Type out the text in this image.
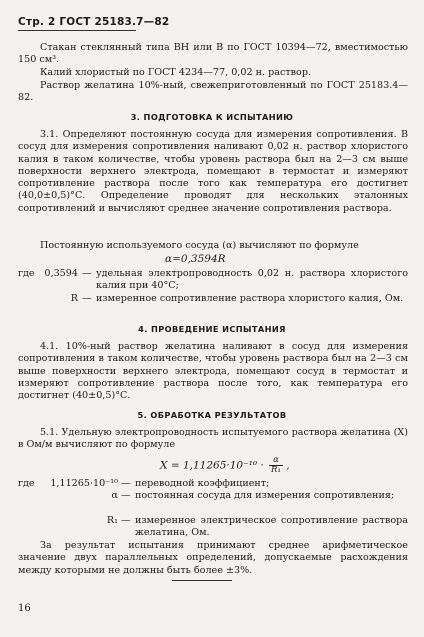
Стр. 2 ГОСТ 25183.7—82
Стакан стеклянный типа ВН или В по ГОСТ 10394—72, вместимостью 150 см³.
Калий хлористый по ГОСТ 4234—77, 0,02 н. раствор.
Раствор желатина 10%-ный, свежеприготовленный по ГОСТ 25183.4—82.
3. ПОДГОТОВКА К ИСПЫТАНИЮ
3.1. Определяют постоянную сосуда для измерения сопротивления. В сосуд для измерения сопротивления наливают 0,02 н. раствор хлористого калия в таком количестве, чтобы уровень раствора был на 2—3 см выше поверхности верхнего электрода, помещают в термостат и измеряют сопротивление раствора после того как температура его достигнет (40,0±0,5)°С. Определение проводят для нескольких эталонных сопротивлений и вычисляют среднее значение сопротивления раствора.
Постоянную используемого сосуда (α) вычисляют по формуле
α=0,3594R
где	0,3594 — удельная электропроводность 0,02 н. раствора хлористого калия при 40°С;
R — измеренное сопротивление раствора хлористого калия, Ом.
4. ПРОВЕДЕНИЕ ИСПЫТАНИЯ
4.1. 10%-ный раствор желатина наливают в сосуд для измерения сопротивления в таком количестве, чтобы уровень раствора был на 2—3 см выше поверхности верхнего электрода, помещают сосуд в термостат и измеряют сопротивление раствора после того, как температура его достигнет (40±0,5)°С.
5. ОБРАБОТКА РЕЗУЛЬТАТОВ
5.1. Удельную электропроводность испытуемого раствора желатина (X) в Ом/м вычисляют по формуле
$X = 1,11265\cdot 10^{-10} \cdot \frac{\alpha}{\text{R₁}}$ ,
где	1,11265·10⁻¹⁰ — переводной коэффициент;
α — постоянная сосуда для измерения сопротивления;
R₁ — измеренное электрическое сопротивление раствора желатина, Ом.
За результат испытания принимают среднее арифметическое значение двух параллельных определений, допускаемые расхождения между которыми не должны быть более ±3%.
16
